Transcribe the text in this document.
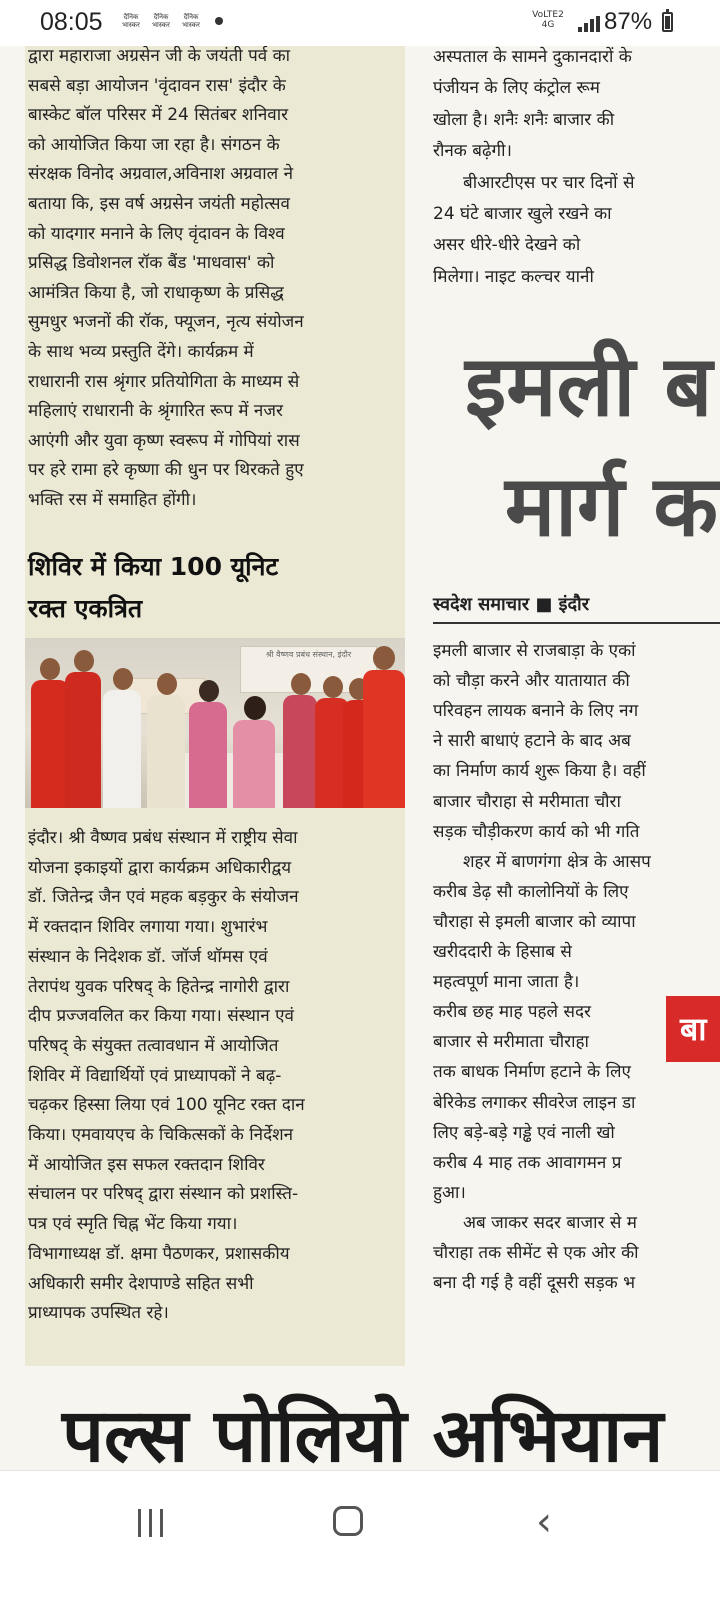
08:05	दैनिक भास्कर
दैनिक भास्कर
दैनिक भास्कर
VoLTE2 4G	87%

द्वारा महाराजा अग्रसेन जी के जयंती पर्व का

सबसे बड़ा आयोजन 'वृंदावन रास' इंदौर के

बास्केट बॉल परिसर में 24 सितंबर शनिवार

को आयोजित किया जा रहा है। संगठन के

संरक्षक विनोद अग्रवाल,अविनाश अग्रवाल ने

बताया कि, इस वर्ष अग्रसेन जयंती महोत्सव

को यादगार मनाने के लिए वृंदावन के विश्व

प्रसिद्ध डिवोशनल रॉक बैंड 'माधवास' को

आमंत्रित किया है, जो राधाकृष्ण के प्रसिद्ध

सुमधुर भजनों की रॉक, फ्यूजन, नृत्य संयोजन

के साथ भव्य प्रस्तुति देंगे। कार्यक्रम में

राधारानी रास श्रृंगार प्रतियोगिता के माध्यम से

महिलाएं राधारानी के श्रृंगारित रूप में नजर

आएंगी और युवा कृष्ण स्वरूप में गोपियां रास

पर हरे रामा हरे कृष्णा की धुन पर थिरकते हुए

भक्ति रस में समाहित होंगी।

शिविर में किया 100 यूनिट
रक्त एकत्रित
श्री वैष्णव प्रबंध संस्थान, इंदौर

इंदौर। श्री वैष्णव प्रबंध संस्थान में राष्ट्रीय सेवा

योजना इकाइयों द्वारा कार्यक्रम अधिकारीद्वय

डॉ. जितेन्द्र जैन एवं महक बड़कुर के संयोजन

में रक्तदान शिविर लगाया गया। शुभारंभ

संस्थान के निदेशक डॉ. जॉर्ज थॉमस एवं

तेरापंथ युवक परिषद् के हितेन्द्र नागोरी द्वारा

दीप प्रज्जवलित कर किया गया। संस्थान एवं

परिषद् के संयुक्त तत्वावधान में आयोजित

शिविर में विद्यार्थियों एवं प्राध्यापकों ने बढ़-

चढ़कर हिस्सा लिया एवं 100 यूनिट रक्त दान

किया। एमवायएच के चिकित्सकों के निर्देशन

में आयोजित इस सफल रक्तदान शिविर

संचालन पर परिषद् द्वारा संस्थान को प्रशस्ति-

पत्र एवं स्मृति चिह्न भेंट किया गया।

विभागाध्यक्ष डॉ. क्षमा पैठणकर, प्रशासकीय

अधिकारी समीर देशपाण्डे सहित सभी

प्राध्यापक उपस्थित रहे।

अस्पताल के सामने दुकानदारों के

पंजीयन के लिए कंट्रोल रूम

खोला है। शनैः शनैः बाजार की

रौनक बढ़ेगी।

बीआरटीएस पर चार दिनों से

24 घंटे बाजार खुले रखने का

असर धीरे-धीरे देखने को

मिलेगा। नाइट कल्चर यानी

इमली ब

मार्ग क

स्वदेश समाचार ■ इंदौर

इमली बाजार से राजबाड़ा के एकां

को चौड़ा करने और यातायात की

परिवहन लायक बनाने के लिए नग

ने सारी बाधाएं हटाने के बाद अब

का निर्माण कार्य शुरू किया है। वहीं

बाजार चौराहा से मरीमाता चौरा

सड़क चौड़ीकरण कार्य को भी गति

शहर में बाणगंगा क्षेत्र के आसप

करीब डेढ़ सौ कालोनियों के लिए

चौराहा से इमली बाजार को व्यापा

खरीददारी के हिसाब से

महत्वपूर्ण माना जाता है।

करीब छह माह पहले सदर

बाजार से मरीमाता चौराहा

तक बाधक निर्माण हटाने के लिए

बेरिकेड लगाकर सीवरेज लाइन डा

लिए बड़े-बड़े गड्ढे एवं नाली खो

करीब 4 माह तक आवागमन प्र

हुआ।

अब जाकर सदर बाजार से म

चौराहा तक सीमेंट से एक ओर की

बना दी गई है वहीं दूसरी सड़क भ

बा

पल्स पोलियो अभियान

‹
